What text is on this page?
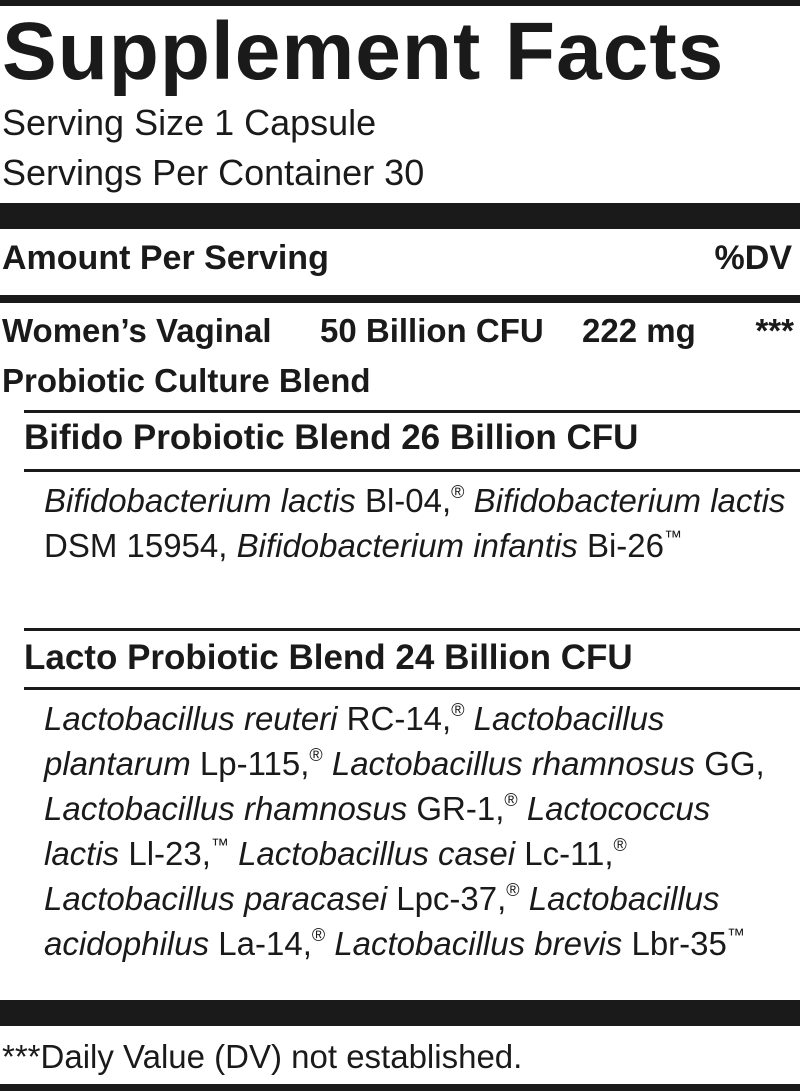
Supplement Facts
Serving Size 1 Capsule
Servings Per Container 30
Amount Per Serving	%DV
Women’s Vaginal 50 Billion CFU 222 mg ***
Probiotic Culture Blend
Bifido Probiotic Blend 26 Billion CFU
Bifidobacterium lactis Bl-04,® Bifidobacterium lactis DSM 15954, Bifidobacterium infantis Bi-26™
Lacto Probiotic Blend 24 Billion CFU
Lactobacillus reuteri RC-14,® Lactobacillus plantarum Lp-115,® Lactobacillus rhamnosus GG, Lactobacillus rhamnosus GR-1,® Lactococcus lactis Ll-23,™ Lactobacillus casei Lc-11,® Lactobacillus paracasei Lpc-37,® Lactobacillus acidophilus La-14,® Lactobacillus brevis Lbr-35™
***Daily Value (DV) not established.
